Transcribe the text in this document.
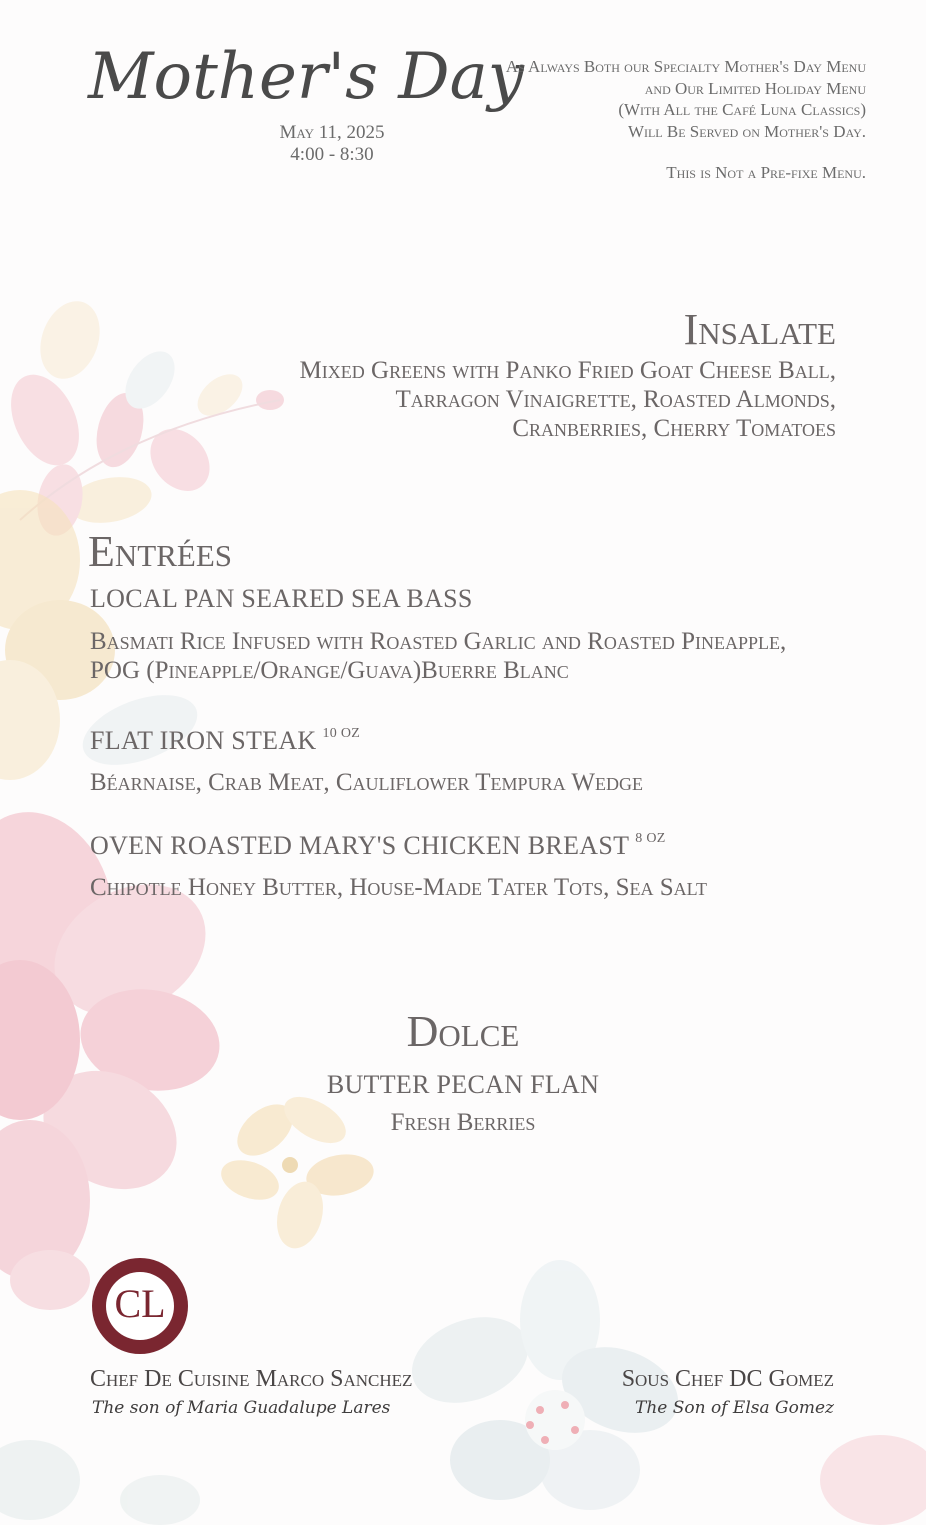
Mother's Day
May 11, 2025
4:00 - 8:30
As Always Both our Specialty Mother's Day Menu
and Our Limited Holiday Menu
(With All the Café Luna Classics)
Will Be Served on Mother's Day.
This is Not a Pre-fixe Menu.
Insalate
Mixed Greens with Panko Fried Goat Cheese Ball,
Tarragon Vinaigrette, Roasted Almonds,
Cranberries, Cherry Tomatoes
Entrées
LOCAL PAN SEARED SEA BASS
Basmati Rice Infused with Roasted Garlic and Roasted Pineapple,
POG (Pineapple/Orange/Guava)Buerre Blanc
FLAT IRON STEAK $^{10 OZ}$
Béarnaise, Crab Meat, Cauliflower Tempura Wedge
OVEN ROASTED MARY'S CHICKEN BREAST $^{8 OZ}$
Chipotle Honey Butter, House-Made Tater Tots, Sea Salt
Dolce
BUTTER PECAN FLAN
Fresh Berries
CL
Chef De Cuisine Marco Sanchez
The son of Maria Guadalupe Lares
Sous Chef DC Gomez
The Son of Elsa Gomez
